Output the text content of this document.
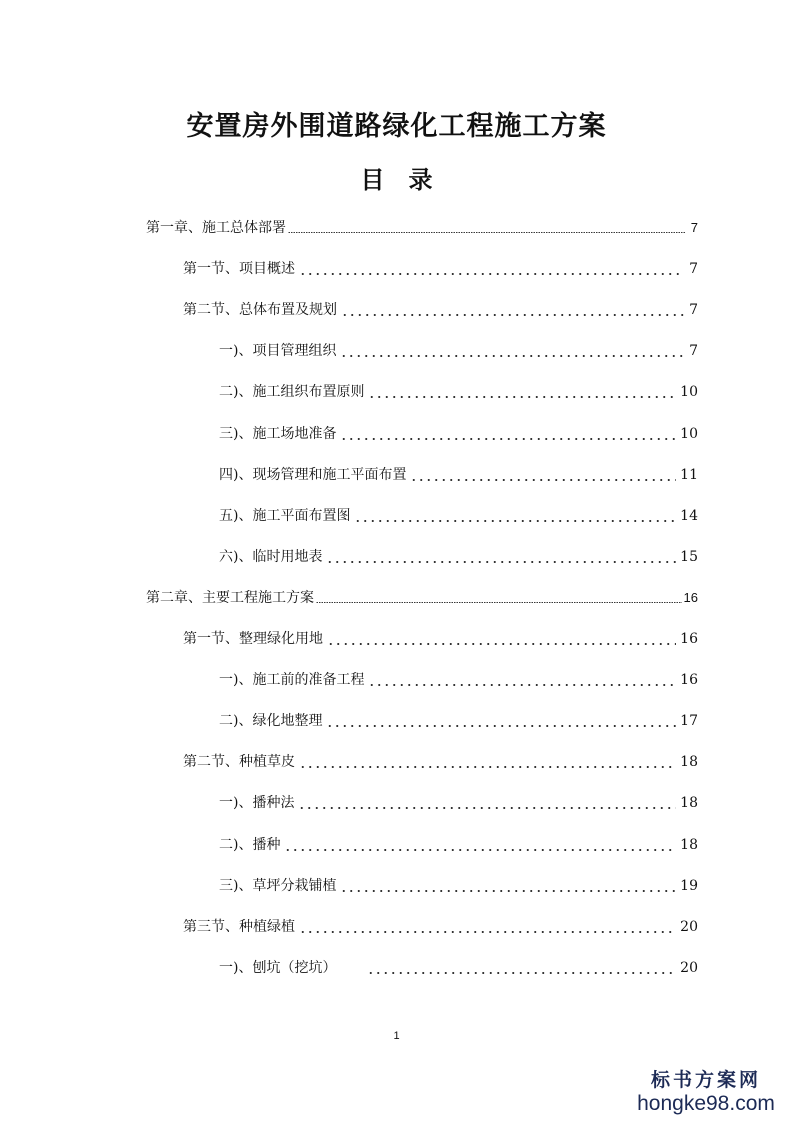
安置房外围道路绿化工程施工方案
目　录
第一章、施工总体部署	7
第一节、项目概述	7
第二节、总体布置及规划	7
一)、项目管理组织	7
二)、施工组织布置原则	10
三)、施工场地准备	10
四)、现场管理和施工平面布置	11
五)、施工平面布置图	14
六)、临时用地表	15
第二章、主要工程施工方案	16
第一节、整理绿化用地	16
一)、施工前的准备工程	16
二)、绿化地整理	17
第二节、种植草皮	18
一)、播种法	18
二)、播种	18
三)、草坪分栽铺植	19
第三节、种植绿植	20
一)、刨坑（挖坑）	20
1
标书方案网
hongke98.com
